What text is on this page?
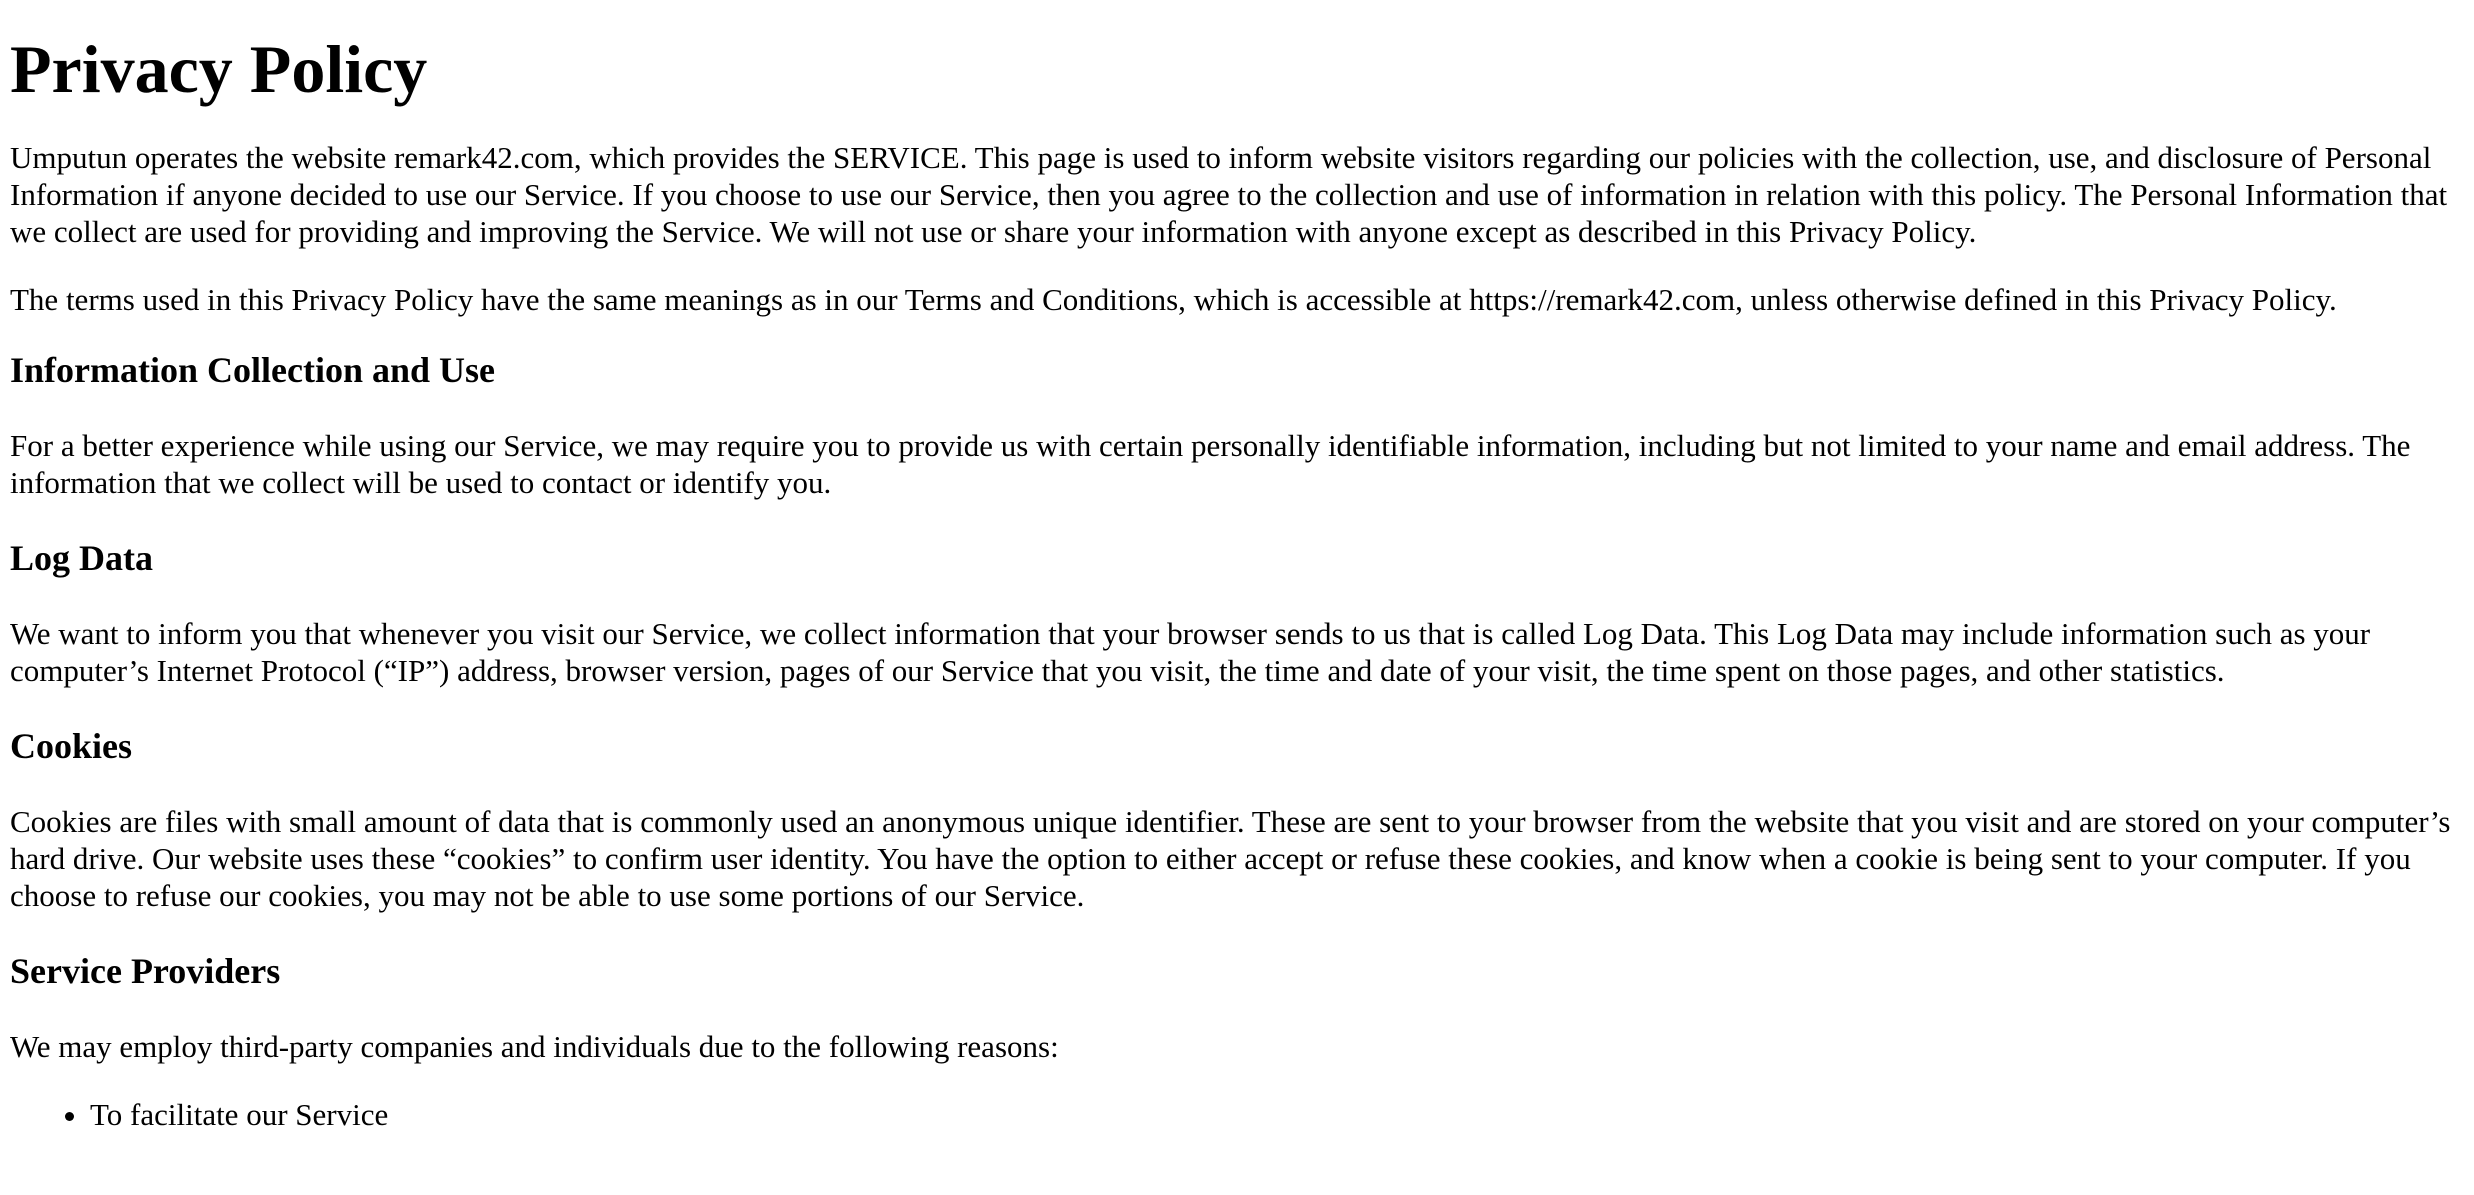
Privacy Policy

Umputun operates the website remark42.com, which provides the SERVICE. This page is used to inform website visitors regarding our policies with the collection, use, and disclosure of Personal Information if anyone decided to use our Service. If you choose to use our Service, then you agree to the collection and use of information in relation with this policy. The Personal Information that we collect are used for providing and improving the Service. We will not use or share your information with anyone except as described in this Privacy Policy.

The terms used in this Privacy Policy have the same meanings as in our Terms and Conditions, which is accessible at https://remark42.com, unless otherwise defined in this Privacy Policy.

Information Collection and Use

For a better experience while using our Service, we may require you to provide us with certain personally identifiable information, including but not limited to your name and email address. The information that we collect will be used to contact or identify you.

Log Data

We want to inform you that whenever you visit our Service, we collect information that your browser sends to us that is called Log Data. This Log Data may include information such as your computer’s Internet Protocol (“IP”) address, browser version, pages of our Service that you visit, the time and date of your visit, the time spent on those pages, and other statistics.

Cookies

Cookies are files with small amount of data that is commonly used an anonymous unique identifier. These are sent to your browser from the website that you visit and are stored on your computer’s hard drive. Our website uses these “cookies” to confirm user identity. You have the option to either accept or refuse these cookies, and know when a cookie is being sent to your computer. If you choose to refuse our cookies, you may not be able to use some portions of our Service.

Service Providers

We may employ third-party companies and individuals due to the following reasons:

• To facilitate our Service
